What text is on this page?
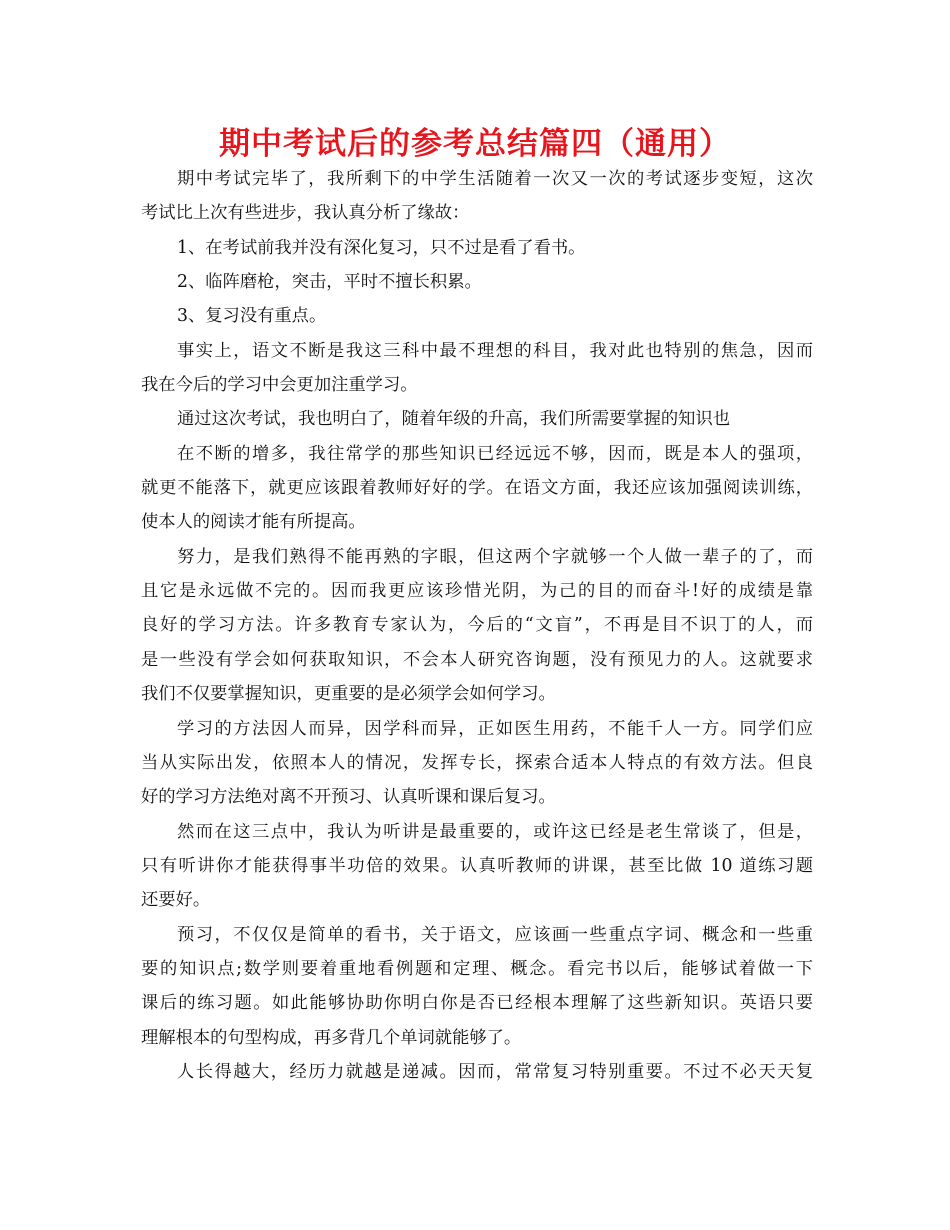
期中考试后的参考总结篇四（通用）
期中考试完毕了，我所剩下的中学生活随着一次又一次的考试逐步变短，这次
考试比上次有些进步，我认真分析了缘故：
1、在考试前我并没有深化复习，只不过是看了看书。
2、临阵磨枪，突击，平时不擅长积累。
3、复习没有重点。
事实上，语文不断是我这三科中最不理想的科目，我对此也特别的焦急，因而
我在今后的学习中会更加注重学习。
通过这次考试，我也明白了，随着年级的升高，我们所需要掌握的知识也
在不断的增多，我往常学的那些知识已经远远不够，因而，既是本人的强项，
就更不能落下，就更应该跟着教师好好的学。在语文方面，我还应该加强阅读训练，
使本人的阅读才能有所提高。
努力，是我们熟得不能再熟的字眼，但这两个字就够一个人做一辈子的了，而
且它是永远做不完的。因而我更应该珍惜光阴，为己的目的而奋斗!好的成绩是靠
良好的学习方法。许多教育专家认为，今后的“文盲”，不再是目不识丁的人，而
是一些没有学会如何获取知识，不会本人研究咨询题，没有预见力的人。这就要求
我们不仅要掌握知识，更重要的是必须学会如何学习。
学习的方法因人而异，因学科而异，正如医生用药，不能千人一方。同学们应
当从实际出发，依照本人的情况，发挥专长，探索合适本人特点的有效方法。但良
好的学习方法绝对离不开预习、认真听课和课后复习。
然而在这三点中，我认为听讲是最重要的，或许这已经是老生常谈了，但是，
只有听讲你才能获得事半功倍的效果。认真听教师的讲课，甚至比做 10 道练习题
还要好。
预习，不仅仅是简单的看书，关于语文，应该画一些重点字词、概念和一些重
要的知识点;数学则要着重地看例题和定理、概念。看完书以后，能够试着做一下
课后的练习题。如此能够协助你明白你是否已经根本理解了这些新知识。英语只要
理解根本的句型构成，再多背几个单词就能够了。
人长得越大，经历力就越是递减。因而，常常复习特别重要。不过不必天天复
